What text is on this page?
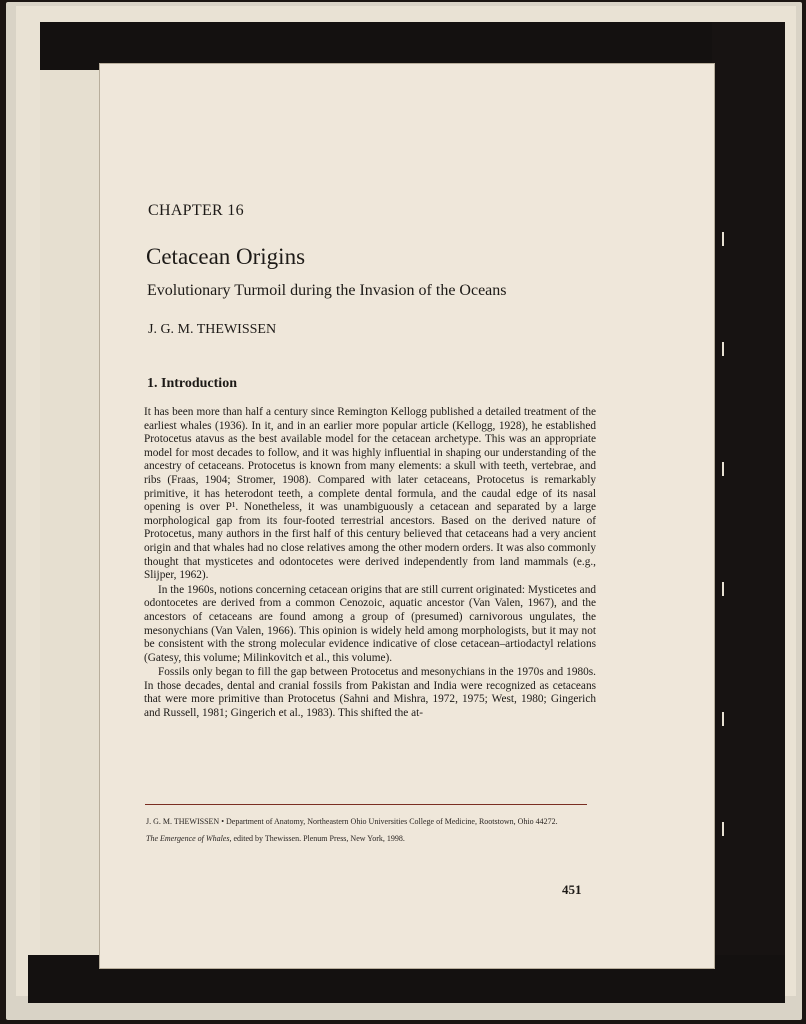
CHAPTER 16
Cetacean Origins
Evolutionary Turmoil during the Invasion of the Oceans
J. G. M. THEWISSEN
1. Introduction

It has been more than half a century since Remington Kellogg published a detailed treatment of the earliest whales (1936). In it, and in an earlier more popular article (Kellogg, 1928), he established Protocetus atavus as the best available model for the cetacean archetype. This was an appropriate model for most decades to follow, and it was highly influential in shaping our understanding of the ancestry of cetaceans. Protocetus is known from many elements: a skull with teeth, vertebrae, and ribs (Fraas, 1904; Stromer, 1908). Compared with later cetaceans, Protocetus is remarkably primitive, it has heterodont teeth, a complete dental formula, and the caudal edge of its nasal opening is over P¹. Nonetheless, it was unambiguously a cetacean and separated by a large morphological gap from its four-footed terrestrial ancestors. Based on the derived nature of Protocetus, many authors in the first half of this century believed that cetaceans had a very ancient origin and that whales had no close relatives among the other modern orders. It was also commonly thought that mysticetes and odontocetes were derived independently from land mammals (e.g., Slijper, 1962).

In the 1960s, notions concerning cetacean origins that are still current originated: Mysticetes and odontocetes are derived from a common Cenozoic, aquatic ancestor (Van Valen, 1967), and the ancestors of cetaceans are found among a group of (presumed) carnivorous ungulates, the mesonychians (Van Valen, 1966). This opinion is widely held among morphologists, but it may not be consistent with the strong molecular evidence indicative of close cetacean–artiodactyl relations (Gatesy, this volume; Milinkovitch et al., this volume).

Fossils only began to fill the gap between Protocetus and mesonychians in the 1970s and 1980s. In those decades, dental and cranial fossils from Pakistan and India were recognized as cetaceans that were more primitive than Protocetus (Sahni and Mishra, 1972, 1975; West, 1980; Gingerich and Russell, 1981; Gingerich et al., 1983). This shifted the at-

J. G. M. THEWISSEN • Department of Anatomy, Northeastern Ohio Universities College of Medicine, Rootstown, Ohio 44272.
The Emergence of Whales, edited by Thewissen. Plenum Press, New York, 1998.
451
